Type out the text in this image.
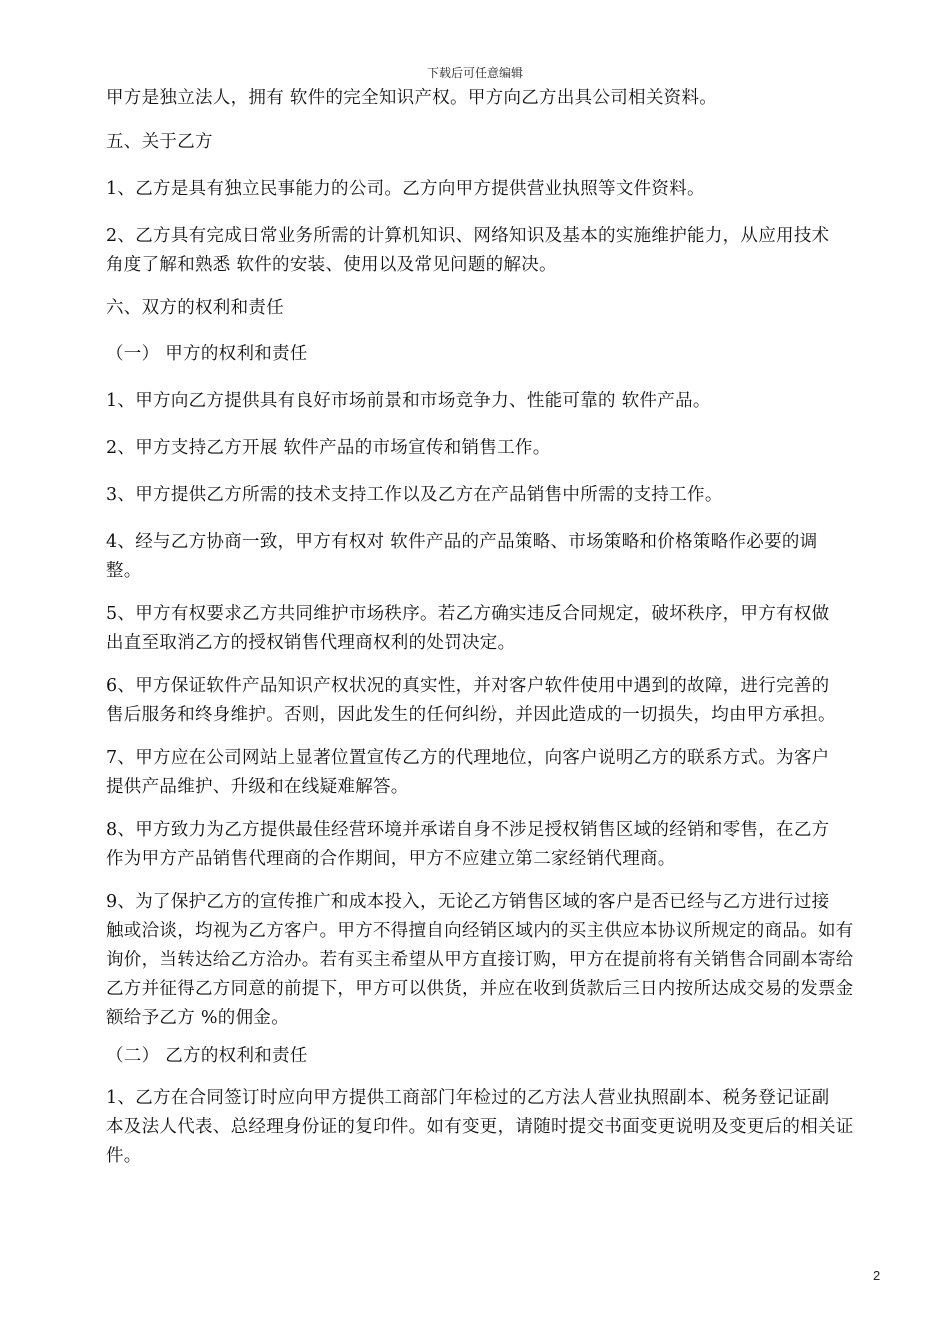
下载后可任意编辑
甲方是独立法人，拥有 软件的完全知识产权。甲方向乙方出具公司相关资料。
五、关于乙方
1、乙方是具有独立民事能力的公司。乙方向甲方提供营业执照等文件资料。
2、乙方具有完成日常业务所需的计算机知识、网络知识及基本的实施维护能力，从应用技术
角度了解和熟悉 软件的安装、使用以及常见问题的解决。
六、双方的权利和责任
（一） 甲方的权利和责任
1、甲方向乙方提供具有良好市场前景和市场竞争力、性能可靠的 软件产品。
2、甲方支持乙方开展 软件产品的市场宣传和销售工作。
3、甲方提供乙方所需的技术支持工作以及乙方在产品销售中所需的支持工作。
4、经与乙方协商一致，甲方有权对 软件产品的产品策略、市场策略和价格策略作必要的调
整。
5、甲方有权要求乙方共同维护市场秩序。若乙方确实违反合同规定，破坏秩序，甲方有权做
出直至取消乙方的授权销售代理商权利的处罚决定。
6、甲方保证软件产品知识产权状况的真实性，并对客户软件使用中遇到的故障，进行完善的
售后服务和终身维护。否则，因此发生的任何纠纷，并因此造成的一切损失，均由甲方承担。
7、甲方应在公司网站上显著位置宣传乙方的代理地位，向客户说明乙方的联系方式。为客户
提供产品维护、升级和在线疑难解答。
8、甲方致力为乙方提供最佳经营环境并承诺自身不涉足授权销售区域的经销和零售，在乙方
作为甲方产品销售代理商的合作期间，甲方不应建立第二家经销代理商。
9、为了保护乙方的宣传推广和成本投入，无论乙方销售区域的客户是否已经与乙方进行过接
触或洽谈，均视为乙方客户。甲方不得擅自向经销区域内的买主供应本协议所规定的商品。如有
询价，当转达给乙方洽办。若有买主希望从甲方直接订购，甲方在提前将有关销售合同副本寄给
乙方并征得乙方同意的前提下，甲方可以供货，并应在收到货款后三日内按所达成交易的发票金
额给予乙方 %的佣金。
（二） 乙方的权利和责任
1、乙方在合同签订时应向甲方提供工商部门年检过的乙方法人营业执照副本、税务登记证副
本及法人代表、总经理身份证的复印件。如有变更，请随时提交书面变更说明及变更后的相关证
件。
2
